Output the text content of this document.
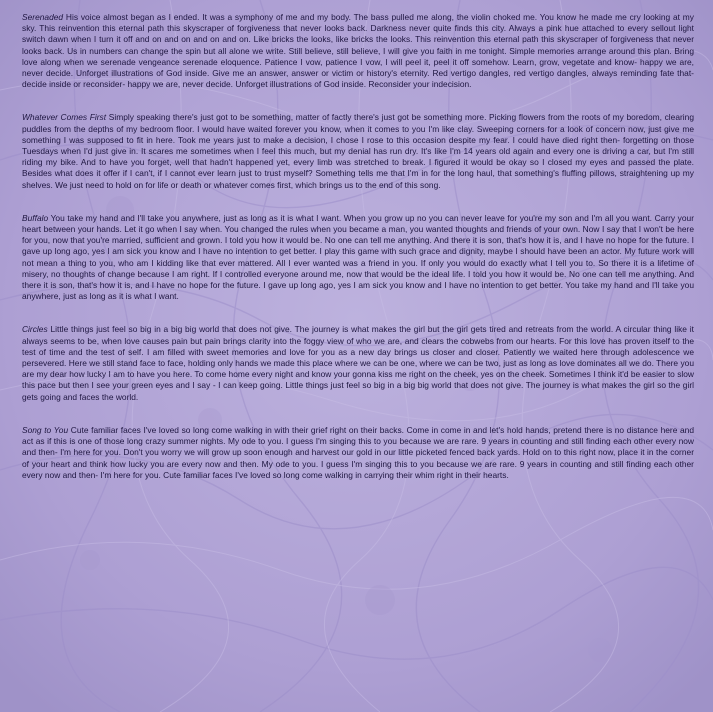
Serenaded His voice almost began as I ended. It was a symphony of me and my body. The bass pulled me along, the violin choked me. You know he made me cry looking at my sky. This reinvention this eternal path this skyscraper of forgiveness that never looks back. Darkness never quite finds this city. Always a pink hue attached to every sellout light switch dawn when I turn it off and on and on and on and on. Like bricks the looks, like bricks the looks. This reinvention this eternal path this skyscraper of forgiveness that never looks back. Us in numbers can change the spin but all alone we write. Still believe, still believe, I will give you faith in me tonight. Simple memories arrange around this plan. Bring love along when we serenade vengeance serenade eloquence. Patience I vow, patience I vow, I will peel it, peel it off somehow. Learn, grow, vegetate and know- happy we are, never decide. Unforget illustrations of God inside. Give me an answer, answer or victim or history's eternity. Red vertigo dangles, red vertigo dangles, always reminding fate that- decide inside or reconsider- happy we are, never decide. Unforget illustrations of God inside. Reconsider your indecision.

Whatever Comes First Simply speaking there's just got to be something, matter of factly there's just got be something more. Picking flowers from the roots of my boredom, clearing puddles from the depths of my bedroom floor. I would have waited forever you know, when it comes to you I'm like clay. Sweeping corners for a look of concern now, just give me something I was supposed to fit in here. Took me years just to make a decision, I chose I rose to this occasion despite my fear. I could have died right then- forgetting on those Tuesdays when I'd just give in. It scares me sometimes when I feel this much, but my denial has run dry. It's like I'm 14 years old again and every one is driving a car, but I'm still riding my bike. And to have you forget, well that hadn't happened yet, every limb was stretched to break. I figured it would be okay so I closed my eyes and passed the plate. Besides what does it offer if I can't, if I cannot ever learn just to trust myself? Something tells me that I'm in for the long haul, that something's fluffing pillows, straightening up my shelves. We just need to hold on for life or death or whatever comes first, which brings us to the end of this song.

Buffalo You take my hand and I'll take you anywhere, just as long as it is what I want. When you grow up no you can never leave for you're my son and I'm all you want. Carry your heart between your hands. Let it go when I say when. You changed the rules when you became a man, you wanted thoughts and friends of your own. Now I say that I won't be here for you, now that you're married, sufficient and grown. I told you how it would be. No one can tell me anything. And there it is son, that's how it is, and I have no hope for the future. I gave up long ago, yes I am sick you know and I have no intention to get better. I play this game with such grace and dignity, maybe I should have been an actor. My future work will not mean a thing to you, who am I kidding like that ever mattered. All I ever wanted was a friend in you. If only you would do exactly what I tell you to. So there it is a lifetime of misery, no thoughts of change because I am right. If I controlled everyone around me, now that would be the ideal life. I told you how it would be. No one can tell me anything. And there it is son, that's how it is, and I have no hope for the future. I gave up long ago, yes I am sick you know and I have no intention to get better. You take my hand and I'll take you anywhere, just as long as it is what I want.

Circles Little things just feel so big in a big big world that does not give. The journey is what makes the girl but the girl gets tired and retreats from the world. A circular thing like it always seems to be, when love causes pain but pain brings clarity into the foggy view of who we are, and clears the cobwebs from our hearts. For this love has proven itself to the test of time and the test of self. I am filled with sweet memories and love for you as a new day brings us closer and closer. Patiently we waited here through adolescence we persevered. Here we still stand face to face, holding only hands we made this place where we can be one, where we can be two, just as long as love dominates all we do. There you are my dear how lucky I am to have you here. To come home every night and know your gonna kiss me right on the cheek, yes on the cheek. Sometimes I think it'd be easier to slow this pace but then I see your green eyes and I say - I can keep going. Little things just feel so big in a big big world that does not give. The journey is what makes the girl so the girl gets going and faces the world.

Song to You Cute familiar faces I've loved so long come walking in with their grief right on their backs. Come in come in and let's hold hands, pretend there is no distance here and act as if this is one of those long crazy summer nights. My ode to you. I guess I'm singing this to you because we are rare. 9 years in counting and still finding each other every now and then- I'm here for you. Don't you worry we will grow up soon enough and harvest our gold in our little picketed fenced back yards. Hold on to this right now, place it in the corner of your heart and think how lucky you are every now and then. My ode to you. I guess I'm singing this to you because we are rare. 9 years in counting and still finding each other every now and then- I'm here for you. Cute familiar faces I've loved so long come walking in carrying their whim right in their hearts.
